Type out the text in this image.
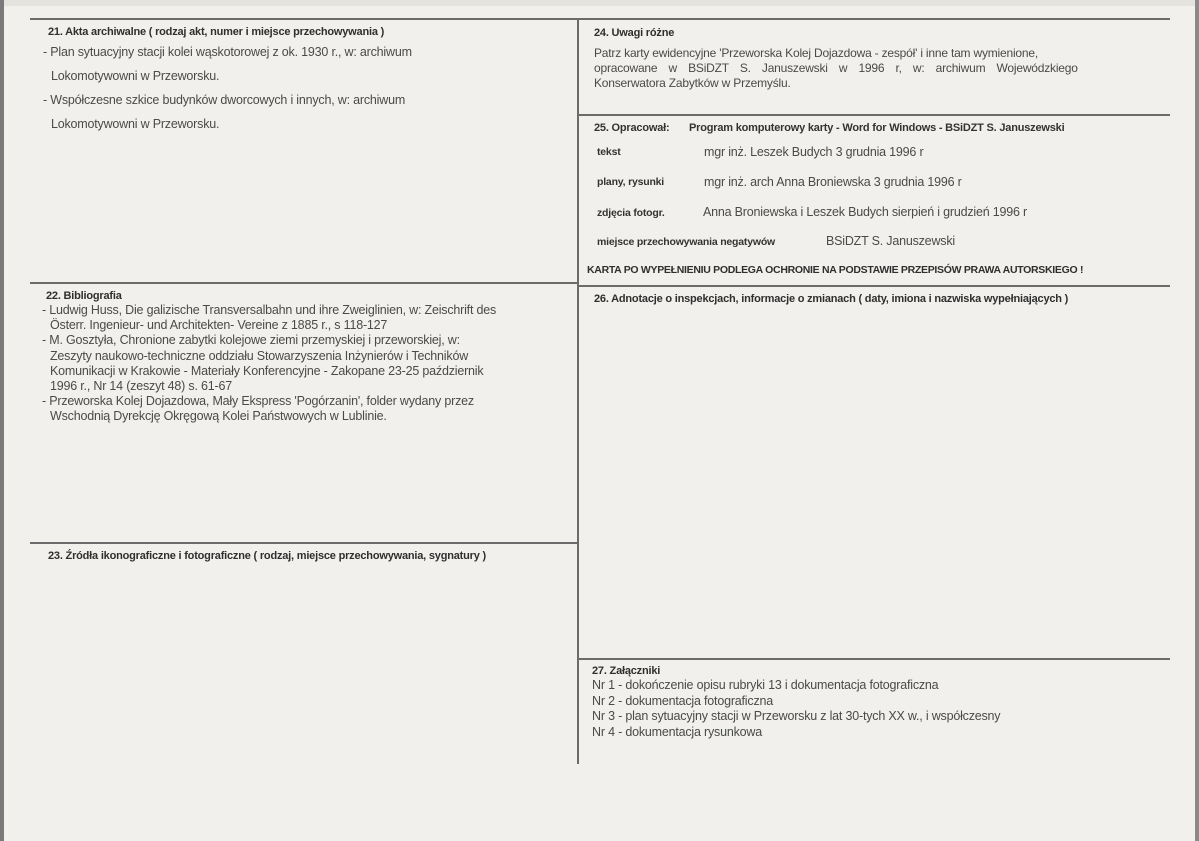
21. Akta archiwalne ( rodzaj akt, numer i miejsce przechowywania )
- Plan sytuacyjny stacji kolei wąskotorowej z ok. 1930 r., w: archiwum
Lokomotywowni w Przeworsku.
- Współczesne szkice budynków dworcowych i innych, w: archiwum
Lokomotywowni w Przeworsku.
22. Bibliografia
- Ludwig Huss, Die galizische Transversalbahn und ihre Zweiglinien, w: Zeischrift des
Österr. Ingenieur- und Architekten- Vereine z 1885 r., s 118-127
- M. Gosztyła, Chronione zabytki kolejowe ziemi przemyskiej i przeworskiej, w:
Zeszyty naukowo-techniczne oddziału Stowarzyszenia Inżynierów i Techników
Komunikacji w Krakowie - Materiały Konferencyjne - Zakopane 23-25 październik
1996 r., Nr 14 (zeszyt 48) s. 61-67
- Przeworska Kolej Dojazdowa, Mały Ekspress 'Pogórzanin', folder wydany przez
Wschodnią Dyrekcję Okręgową Kolei Państwowych w Lublinie.
23. Źródła ikonograficzne i fotograficzne ( rodzaj, miejsce przechowywania, sygnatury )
24. Uwagi różne
Patrz karty ewidencyjne 'Przeworska Kolej Dojazdowa - zespół' i inne tam wymienione,
opracowane w BSiDZT S. Januszewski w 1996 r, w: archiwum Wojewódzkiego
Konserwatora Zabytków w Przemyślu.
25. Opracował: Program komputerowy karty - Word for Windows - BSiDZT S. Januszewski
tekst	mgr inż. Leszek Budych 3 grudnia 1996 r
plany, rysunki	mgr inż. arch Anna Broniewska 3 grudnia 1996 r
zdjęcia fotogr.	Anna Broniewska i Leszek Budych sierpień i grudzień 1996 r
miejsce przechowywania negatywów	BSiDZT S. Januszewski
KARTA PO WYPEŁNIENIU PODLEGA OCHRONIE NA PODSTAWIE PRZEPISÓW PRAWA AUTORSKIEGO !
26. Adnotacje o inspekcjach, informacje o zmianach ( daty, imiona i nazwiska wypełniających )
27. Załączniki
Nr 1 - dokończenie opisu rubryki 13 i dokumentacja fotograficzna
Nr 2 - dokumentacja fotograficzna
Nr 3 - plan sytuacyjny stacji w Przeworsku z lat 30-tych XX w., i współczesny
Nr 4 - dokumentacja rysunkowa
